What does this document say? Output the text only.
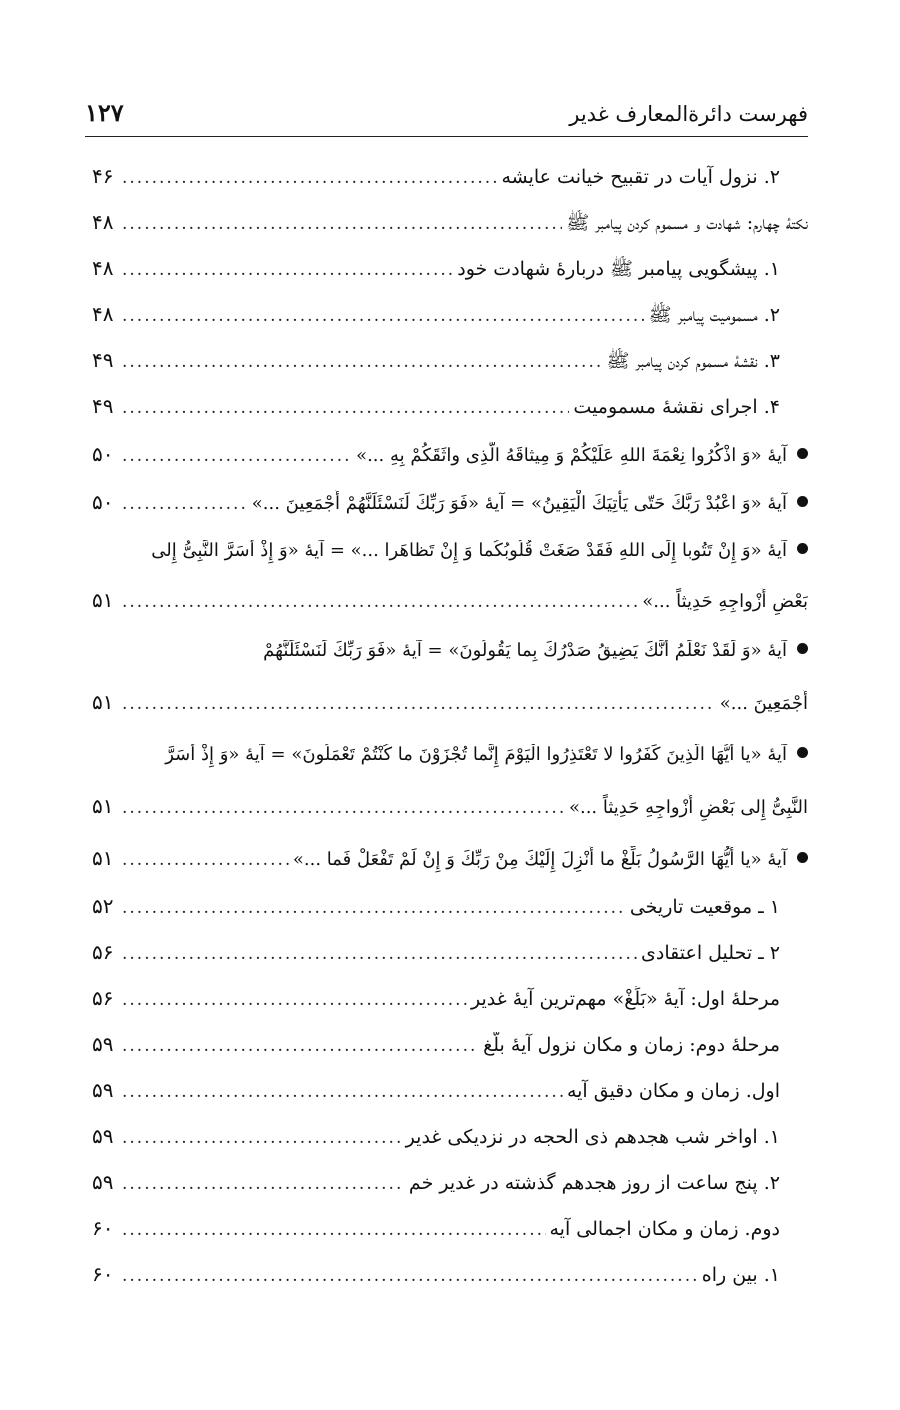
فهرست دائرةالمعارف غدیر
۱۲۷
۲. نزول آیات در تقبیح خیانت عایشه
.....
۴۶
نکتۀ چهارم: شهادت و مسموم کردن پیامبر ﷺ
.....
۴۸
۱. پیشگویی پیامبر ﷺ دربارۀ شهادت خود
.....
۴۸
۲. مسمومیت پیامبر ﷺ
.....
۴۸
۳. نقشۀ مسموم کردن پیامبر ﷺ
.....
۴۹
۴. اجرای نقشۀ مسمومیت
.....
۴۹
آیۀ «وَ اذْكُرُوا نِعْمَةَ اللهِ عَلَیْكُمْ وَ مِیثاقَهُ الَّذِی واثَقَكُمْ بِهِ ...»
.....
۵۰
آیۀ «وَ اعْبُدْ رَبَّكَ حَتّی یَأْتِیَكَ الْیَقِینُ» = آیۀ «فَوَ رَبِّكَ لَنَسْئَلَنَّهُمْ أَجْمَعِینَ ...»
.....
۵۰
آیۀ «وَ إِنْ تَتُوبا إِلَی اللهِ فَقَدْ صَغَتْ قُلُوبُكُما وَ إِنْ تَظاهَرا ...» = آیۀ «وَ إِذْ أَسَرَّ النَّبِیُّ إِلی
بَعْضِ أَزْواجِهِ حَدِیثاً ...»
.....
۵۱
آیۀ «وَ لَقَدْ نَعْلَمُ أَنَّكَ یَضِیقُ صَدْرُكَ بِما یَقُولُونَ» = آیۀ «فَوَ رَبِّكَ لَنَسْئَلَنَّهُمْ
أَجْمَعِینَ ...»
.....
۵۱
آیۀ «یا أَیُّهَا الَّذِینَ كَفَرُوا لا تَعْتَذِرُوا الْیَوْمَ إِنَّما تُجْزَوْنَ ما كُنْتُمْ تَعْمَلُونَ» = آیۀ «وَ إِذْ أَسَرَّ
النَّبِیُّ إِلی بَعْضِ أَزْواجِهِ حَدِیثاً ...»
.....
۵۱
آیۀ «یا أَیُّهَا الرَّسُولُ بَلِّغْ ما أُنْزِلَ إِلَیْكَ مِنْ رَبِّكَ وَ إِنْ لَمْ تَفْعَلْ فَما ...»
.....
۵۱
۱ ـ موقعیت تاریخی
.....
۵۲
۲ ـ تحلیل اعتقادی
.....
۵۶
مرحلۀ اول: آیۀ «بَلِّغْ» مهم‌ترین آیۀ غدیر
.....
۵۶
مرحلۀ دوم: زمان و مکان نزول آیۀ بلّغ
.....
۵۹
اول. زمان و مکان دقیق آیه
.....
۵۹
۱. اواخر شب هجدهم ذی الحجه در نزدیکی غدیر
.....
۵۹
۲. پنج ساعت از روز هجدهم گذشته در غدیر خم
.....
۵۹
دوم. زمان و مکان اجمالی آیه
.....
۶۰
۱. بین راه
.....
۶۰
